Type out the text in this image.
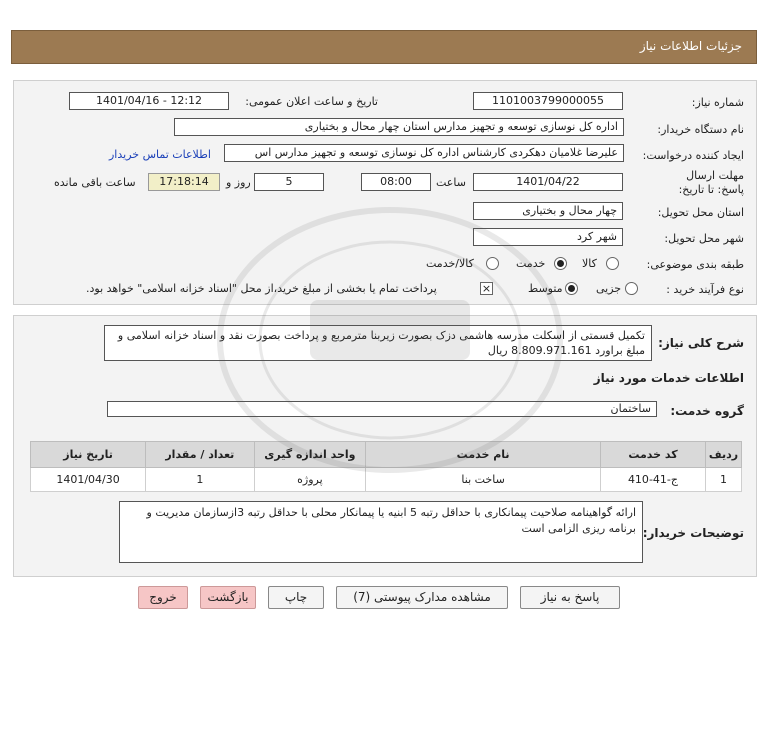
جزئیات اطلاعات نیاز
شماره نیاز:
1101003799000055
تاریخ و ساعت اعلان عمومی:
1401/04/16 - 12:12
نام دستگاه خریدار:
اداره کل نوسازی توسعه و تجهیز مدارس استان چهار محال و بختیاری
ایجاد کننده درخواست:
علیرضا غلامیان دهکردی کارشناس اداره کل نوسازی توسعه و تجهیز مدارس اس
اطلاعات تماس خریدار
مهلت ارسال پاسخ: تا تاریخ:
1401/04/22
ساعت
08:00
5
روز و
17:18:14
ساعت باقی مانده
استان محل تحویل:
چهار محال و بختیاری
شهر محل تحویل:
شهر کرد
طبقه بندی موضوعی:
کالا
خدمت
کالا/خدمت
نوع فرآیند خرید :
جزیی
متوسط
×
پرداخت تمام یا بخشی از مبلغ خرید،از محل "اسناد خزانه اسلامی" خواهد بود.
شرح کلی نیاز:
تکمیل قسمتی از اسکلت مدرسه هاشمی دزک بصورت زیربنا مترمربع و پرداخت بصورت نقد و اسناد خزانه اسلامی و مبلغ براورد 8.809.971.161 ریال
اطلاعات خدمات مورد نیاز
گروه خدمت:
ساختمان
ردیف	کد خدمت	نام خدمت	واحد اندازه گیری	تعداد / مقدار	تاریخ نیاز
1	ج-41-410	ساخت بنا	پروژه	1	1401/04/30
توضیحات خریدار:
ارائه گواهینامه صلاحیت پیمانکاری با حداقل رتبه 5 ابنیه یا پیمانکار محلی با حداقل رتبه 3ازسازمان مدیریت و برنامه ریزی الزامی است
پاسخ به نیاز
مشاهده مدارک پیوستی (7)
چاپ
بازگشت
خروج
